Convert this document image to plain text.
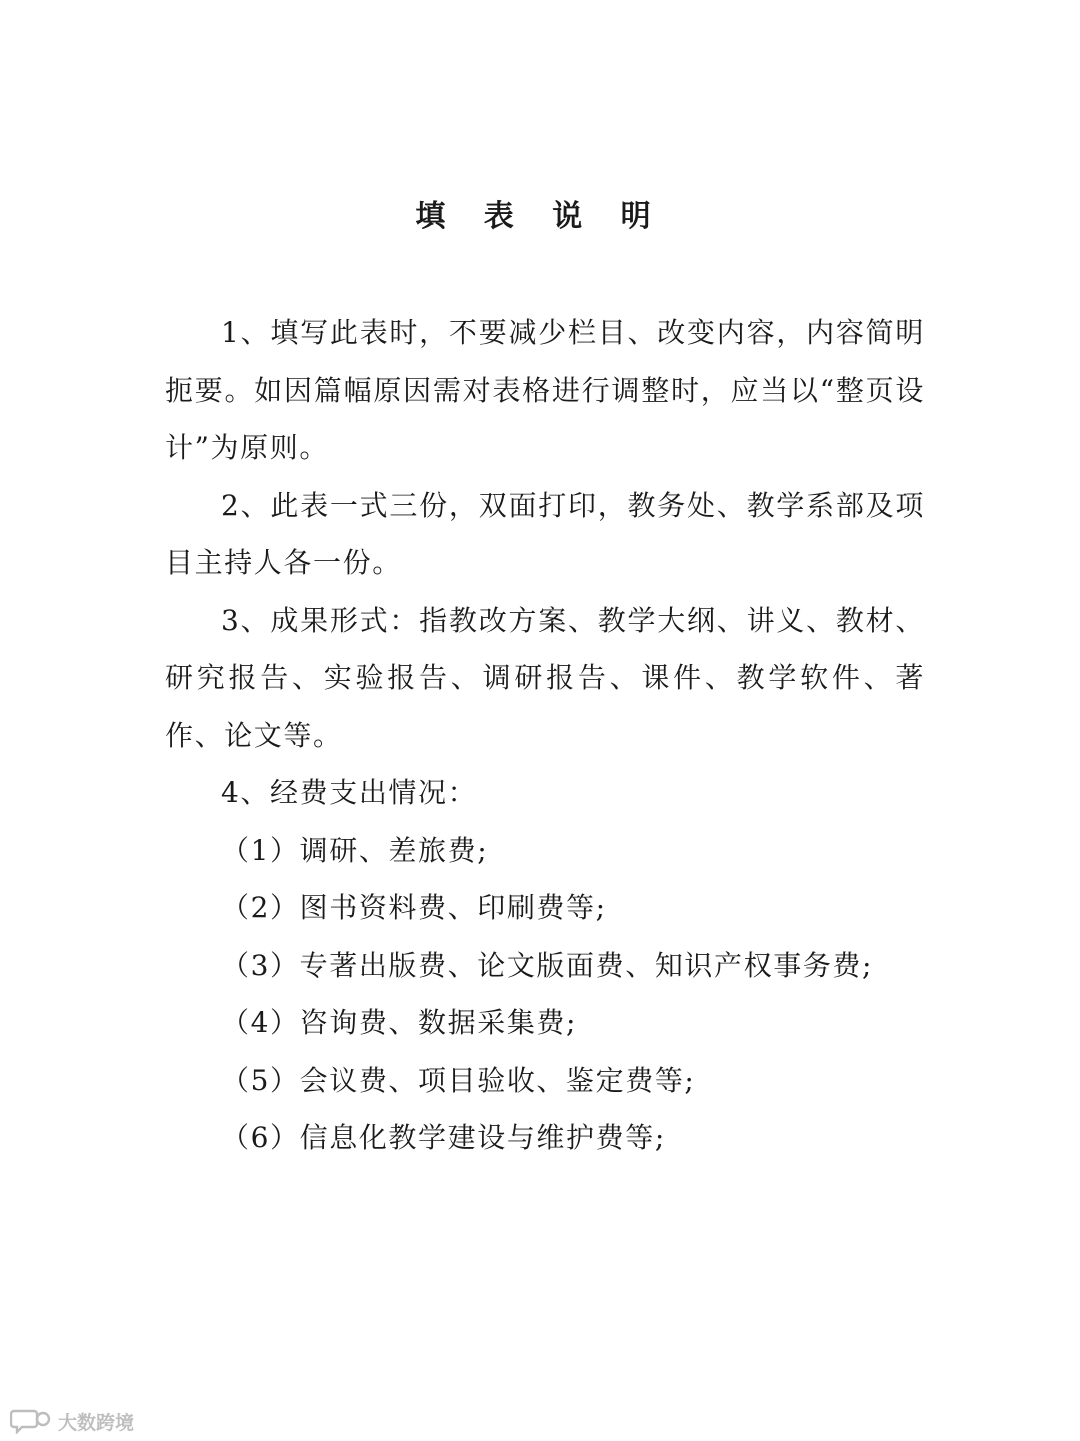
填 表 说 明

1、填写此表时，不要减少栏目、改变内容，内容简明扼要。如因篇幅原因需对表格进行调整时，应当以“整页设计”为原则。

2、此表一式三份，双面打印，教务处、教学系部及项目主持人各一份。

3、成果形式：指教改方案、教学大纲、讲义、教材、研究报告、实验报告、调研报告、课件、教学软件、著作、论文等。

4、经费支出情况：

（1）调研、差旅费;

（2）图书资料费、印刷费等;

（3）专著出版费、论文版面费、知识产权事务费;

（4）咨询费、数据采集费;

（5）会议费、项目验收、鉴定费等;

（6）信息化教学建设与维护费等;

大数跨境
